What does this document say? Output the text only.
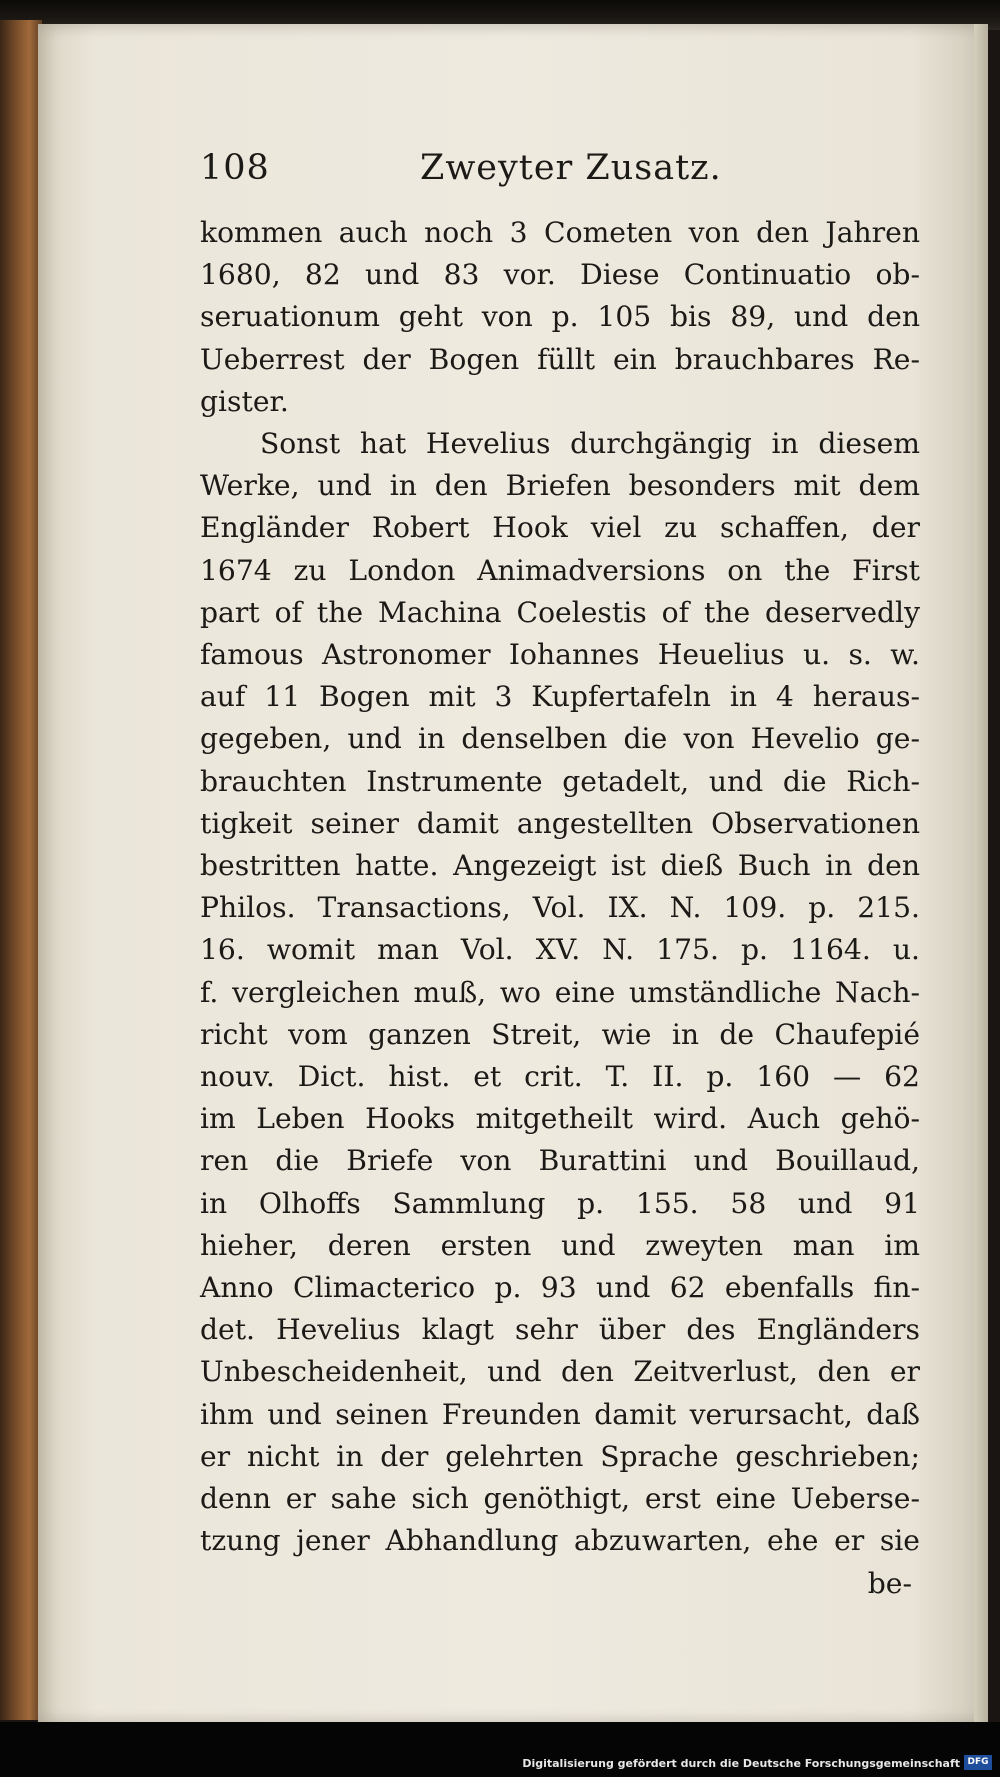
108	Zweyter Zusatz.
kommen auch noch 3 Cometen von den Jahren
1680, 82 und 83 vor. Diese Continuatio ob-
seruationum geht von p. 105 bis 89, und den
Ueberrest der Bogen füllt ein brauchbares Re-
gister.
Sonst hat Hevelius durchgängig in diesem
Werke, und in den Briefen besonders mit dem
Engländer Robert Hook viel zu schaffen, der
1674 zu London Animadversions on the First
part of the Machina Coelestis of the deservedly
famous Astronomer Iohannes Heuelius u. s. w.
auf 11 Bogen mit 3 Kupfertafeln in 4 heraus-
gegeben, und in denselben die von Hevelio ge-
brauchten Instrumente getadelt, und die Rich-
tigkeit seiner damit angestellten Observationen
bestritten hatte. Angezeigt ist dieß Buch in den
Philos. Transactions, Vol. IX. N. 109. p. 215.
16. womit man Vol. XV. N. 175. p. 1164. u.
f. vergleichen muß, wo eine umständliche Nach-
richt vom ganzen Streit, wie in de Chaufepié
nouv. Dict. hist. et crit. T. II. p. 160 — 62
im Leben Hooks mitgetheilt wird. Auch gehö-
ren die Briefe von Burattini und Bouillaud,
in Olhoffs Sammlung p. 155. 58 und 91
hieher, deren ersten und zweyten man im
Anno Climacterico p. 93 und 62 ebenfalls fin-
det. Hevelius klagt sehr über des Engländers
Unbescheidenheit, und den Zeitverlust, den er
ihm und seinen Freunden damit verursacht, daß
er nicht in der gelehrten Sprache geschrieben;
denn er sahe sich genöthigt, erst eine Ueberse-
tzung jener Abhandlung abzuwarten, ehe er sie
be-
Digitalisierung gefördert durch die Deutsche Forschungsgemeinschaft DFG
